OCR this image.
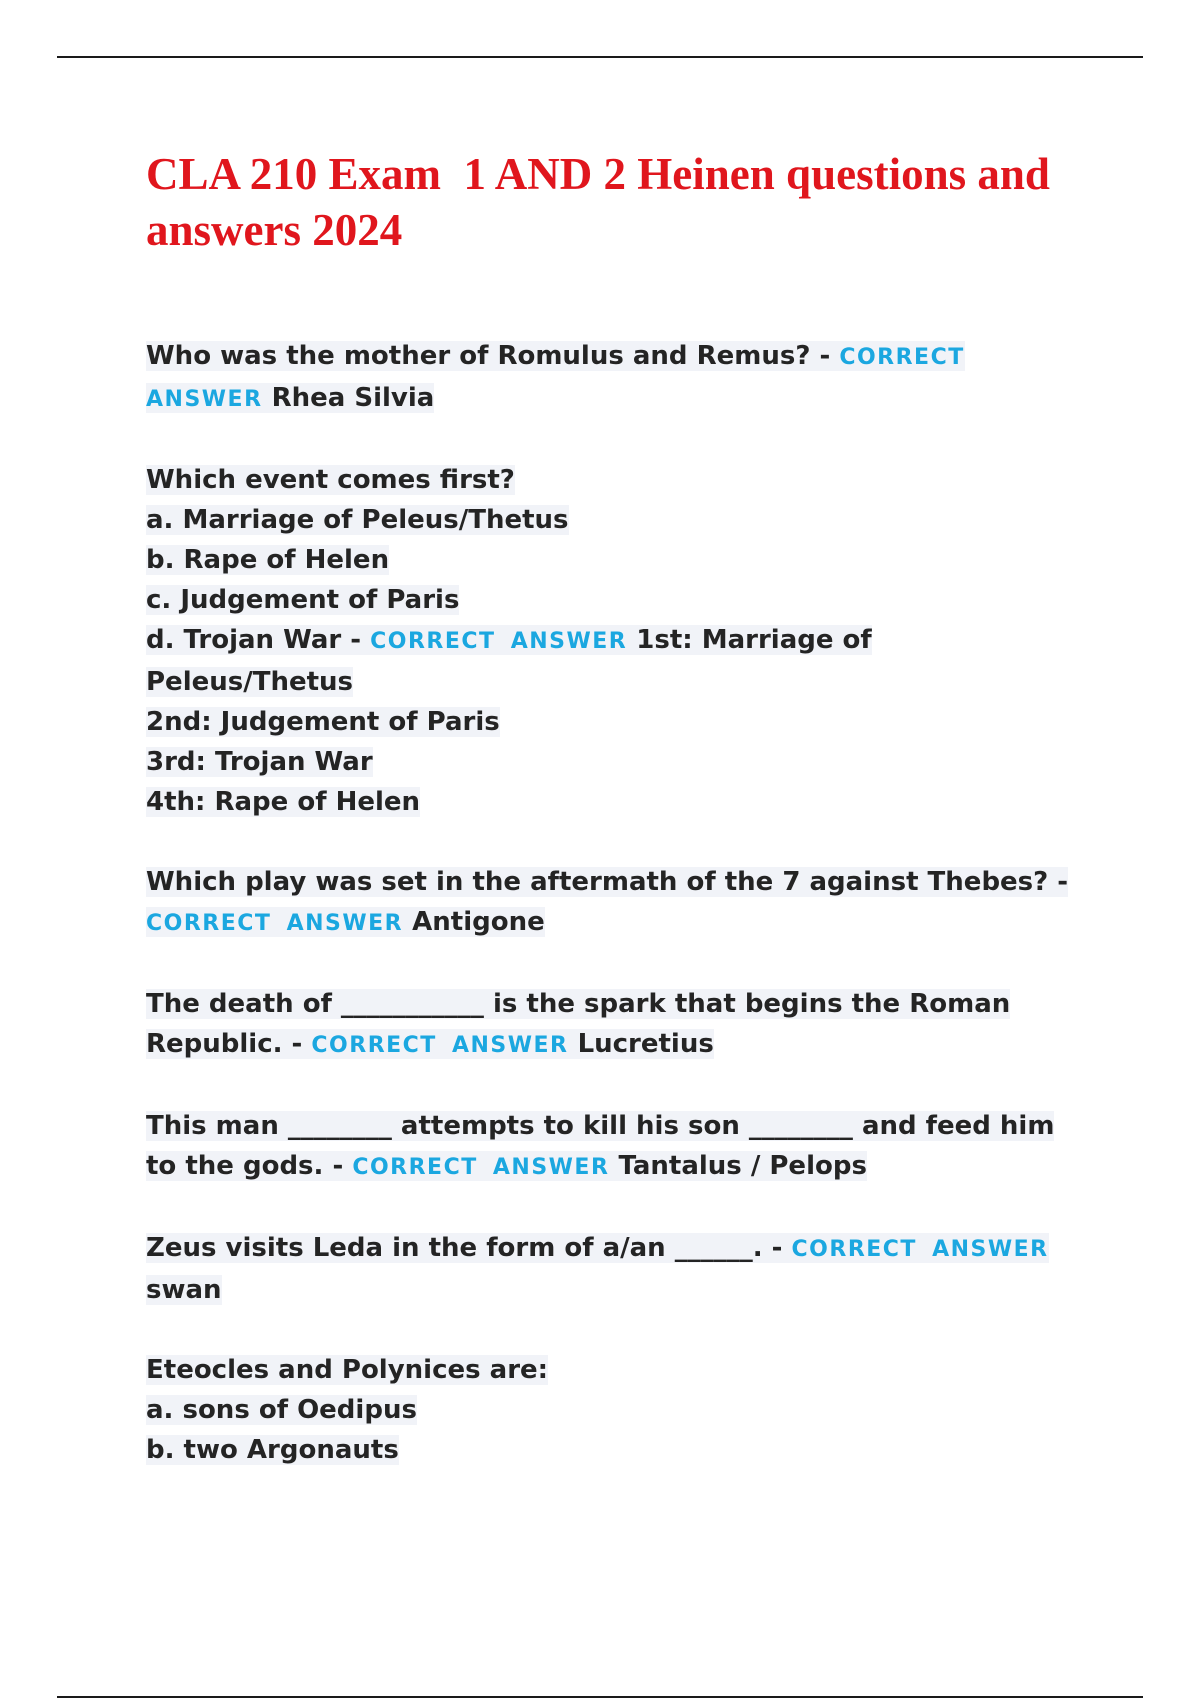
CLA 210 Exam  1 AND 2 Heinen questions and answers 2024
Who was the mother of Romulus and Remus? - CORRECT ANSWER Rhea Silvia
Which event comes first?
a. Marriage of Peleus/Thetus
b. Rape of Helen
c. Judgement of Paris
d. Trojan War - CORRECT ANSWER 1st: Marriage of Peleus/Thetus
2nd: Judgement of Paris
3rd: Trojan War
4th: Rape of Helen
Which play was set in the aftermath of the 7 against Thebes? - CORRECT ANSWER Antigone
The death of ___________ is the spark that begins the Roman Republic. - CORRECT ANSWER Lucretius
This man ________ attempts to kill his son ________ and feed him to the gods. - CORRECT ANSWER Tantalus / Pelops
Zeus visits Leda in the form of a/an ______. - CORRECT ANSWER swan
Eteocles and Polynices are:
a. sons of Oedipus
b. two Argonauts
